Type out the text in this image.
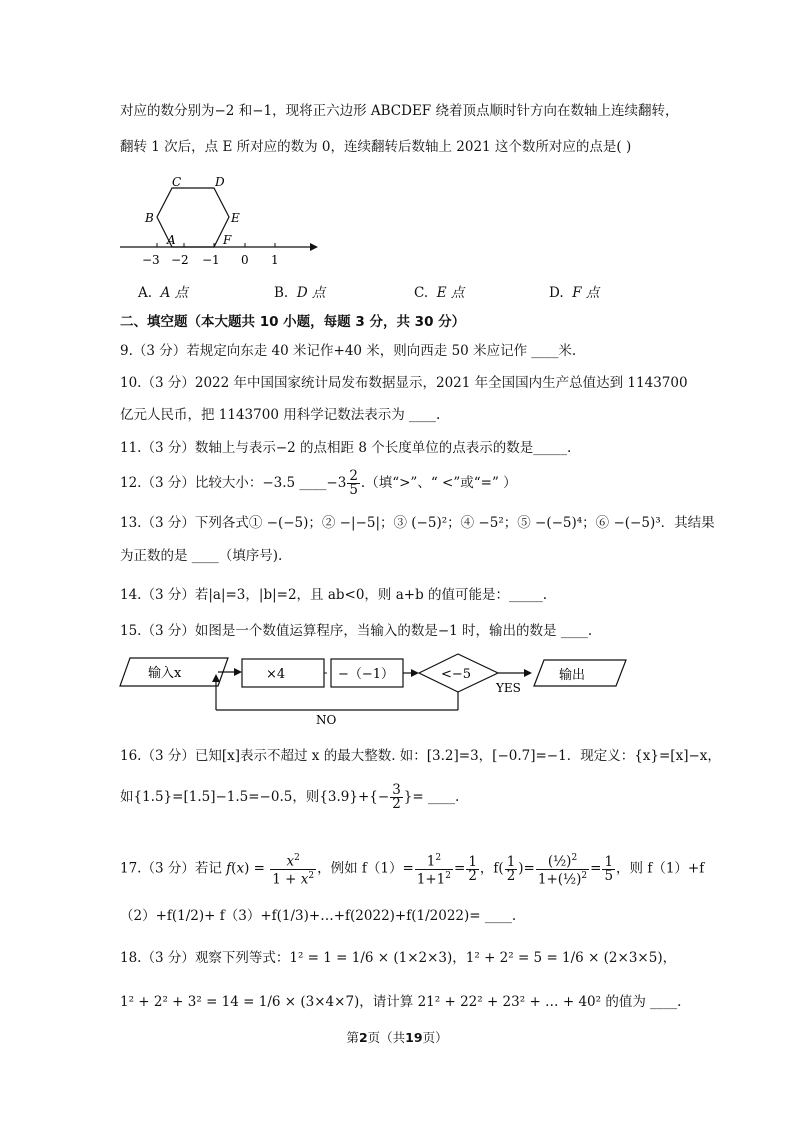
对应的数分别为−2 和−1，现将正六边形 ABCDEF 绕着顶点顺时针方向在数轴上连续翻转，
翻转 1 次后，点 E 所对应的数为 0，连续翻转后数轴上 2021 这个数所对应的点是( )
A
B
C	D
E
F
−3 −2 −1 0 1
A. A 点	B. D 点	C. E 点	D. F 点
二、填空题（本大题共 10 小题，每题 3 分，共 30 分）
9.（3 分）若规定向东走 40 米记作+40 米，则向西走 50 米应记作 ____米.
10.（3 分）2022 年中国国家统计局发布数据显示，2021 年全国国内生产总值达到 1143700
亿元人民币，把 1143700 用科学记数法表示为 ____.
11.（3 分）数轴上与表示−2 的点相距 8 个长度单位的点表示的数是_____.
12.（3 分）比较大小：−3.5 ____−3 $\frac{2}{5}$ .（填“>”、“ <”或“=” ）
13.（3 分）下列各式① −(−5)；② −|−5|；③ (−5)²；④ −5²；⑤ −(−5)⁴；⑥ −(−5)³．其结果
为正数的是 ____（填序号).
14.（3 分）若|a|=3，|b|=2，且 ab<0，则 a+b 的值可能是：_____.
15.（3 分）如图是一个数值运算程序，当输入的数是−1 时，输出的数是 ____.
输入x	×4	−（−1）	<−5
YES
输出
NO
16.（3 分）已知[x]表示不超过 x 的最大整数. 如：[3.2]=3，[−0.7]=−1．现定义：{x}=[x]−x，
如{1.5}=[1.5]−1.5=−0.5，则$\{3.9\}+\{- \frac{3}{2}$ }= ____.
17.（3 分）若记 $f(x) = \frac{x^2}{1 + x^2}$ ，例如 $f(1)= \frac{1^2}{1+1^2} = \frac{1}{2}$ ，$f( \frac{1}{2}$ )= $\frac{(\frac{1}{2})^2}{1+(\frac{1}{2})^2} = \frac{1}{5}$ ，则 f（1）+f
（2）+f(1/2)+ f（3）+f(1/3)+…+f(2022)+f(1/2022)= ____.
18.（3 分）观察下列等式：1² = 1 = 1/6 × (1×2×3)，1² + 2² = 5 = 1/6 × (2×3×5)，
1² + 2² + 3² = 14 = 1/6 × (3×4×7)，请计算 21² + 22² + 23² + … + 40² 的值为 ____.
第2页（共19页）
